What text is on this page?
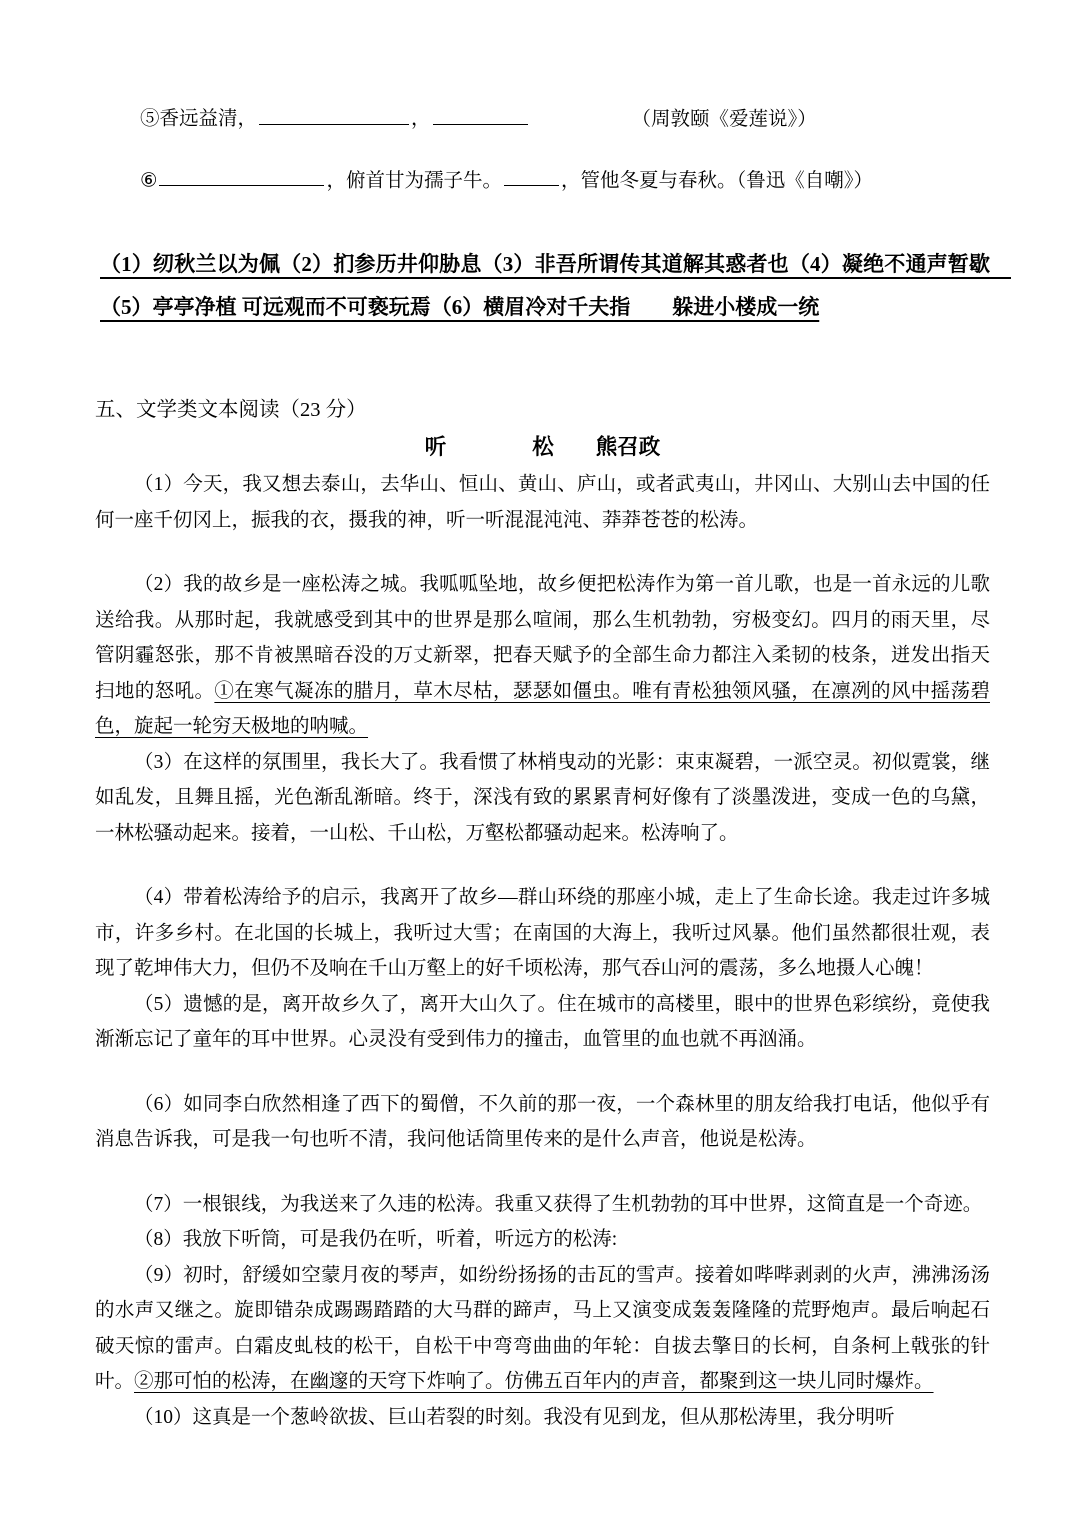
⑤香远益清，	，	（周敦颐《爱莲说》）
⑥	，俯首甘为孺子牛。	，管他冬夏与春秋。（鲁迅《自嘲》）
（1）纫秋兰以为佩（2）扪参历井仰胁息（3）非吾所谓传其道解其惑者也（4）凝绝不通声暂歇　（5）亭亭净植 可远观而不可亵玩焉（6）横眉冷对千夫指　　躲进小楼成一统
五、文学类文本阅读（23 分）
听　　　　松 熊召政

（1）今天，我又想去泰山，去华山、恒山、黄山、庐山，或者武夷山，井冈山、大别山去中国的任何一座千仞冈上，振我的衣，摄我的神，听一听混混沌沌、莽莽苍苍的松涛。

（2）我的故乡是一座松涛之城。我呱呱坠地，故乡便把松涛作为第一首儿歌，也是一首永远的儿歌送给我。从那时起，我就感受到其中的世界是那么喧闹，那么生机勃勃，穷极变幻。四月的雨天里，尽管阴霾怒张，那不肯被黑暗吞没的万丈新翠，把春天赋予的全部生命力都注入柔韧的枝条，迸发出指天扫地的怒吼。①在寒气凝冻的腊月，草木尽枯，瑟瑟如僵虫。唯有青松独领风骚，在凛冽的风中摇荡碧色，旋起一轮穷天极地的呐喊。

（3）在这样的氛围里，我长大了。我看惯了林梢曳动的光影：束束凝碧，一派空灵。初似霓裳，继如乱发，且舞且摇，光色渐乱渐暗。终于，深浅有致的累累青柯好像有了淡墨泼进，变成一色的乌黛，一林松骚动起来。接着，一山松、千山松，万壑松都骚动起来。松涛响了。

（4）带着松涛给予的启示，我离开了故乡—群山环绕的那座小城，走上了生命长途。我走过许多城市，许多乡村。在北国的长城上，我听过大雪；在南国的大海上，我听过风暴。他们虽然都很壮观，表现了乾坤伟大力，但仍不及响在千山万壑上的好千顷松涛，那气吞山河的震荡，多么地摄人心魄！

（5）遗憾的是，离开故乡久了，离开大山久了。住在城市的高楼里，眼中的世界色彩缤纷，竟使我渐渐忘记了童年的耳中世界。心灵没有受到伟力的撞击，血管里的血也就不再汹涌。

（6）如同李白欣然相逢了西下的蜀僧，不久前的那一夜，一个森林里的朋友给我打电话，他似乎有消息告诉我，可是我一句也听不清，我问他话筒里传来的是什么声音，他说是松涛。

（7）一根银线，为我送来了久违的松涛。我重又获得了生机勃勃的耳中世界，这简直是一个奇迹。

（8）我放下听筒，可是我仍在听，听着，听远方的松涛:

（9）初时，舒缓如空蒙月夜的琴声，如纷纷扬扬的击瓦的雪声。接着如哔哔剥剥的火声，沸沸汤汤的水声又继之。旋即错杂成踢踢踏踏的大马群的蹄声，马上又演变成轰轰隆隆的荒野炮声。最后响起石破天惊的雷声。白霜皮虬枝的松干，自松干中弯弯曲曲的年轮：自拔去擎日的长柯，自条柯上戟张的针叶。②那可怕的松涛，在幽邃的天穹下炸响了。仿佛五百年内的声音，都聚到这一块儿同时爆炸。

（10）这真是一个葱岭欲拔、巨山若裂的时刻。我没有见到龙，但从那松涛里，我分明听
